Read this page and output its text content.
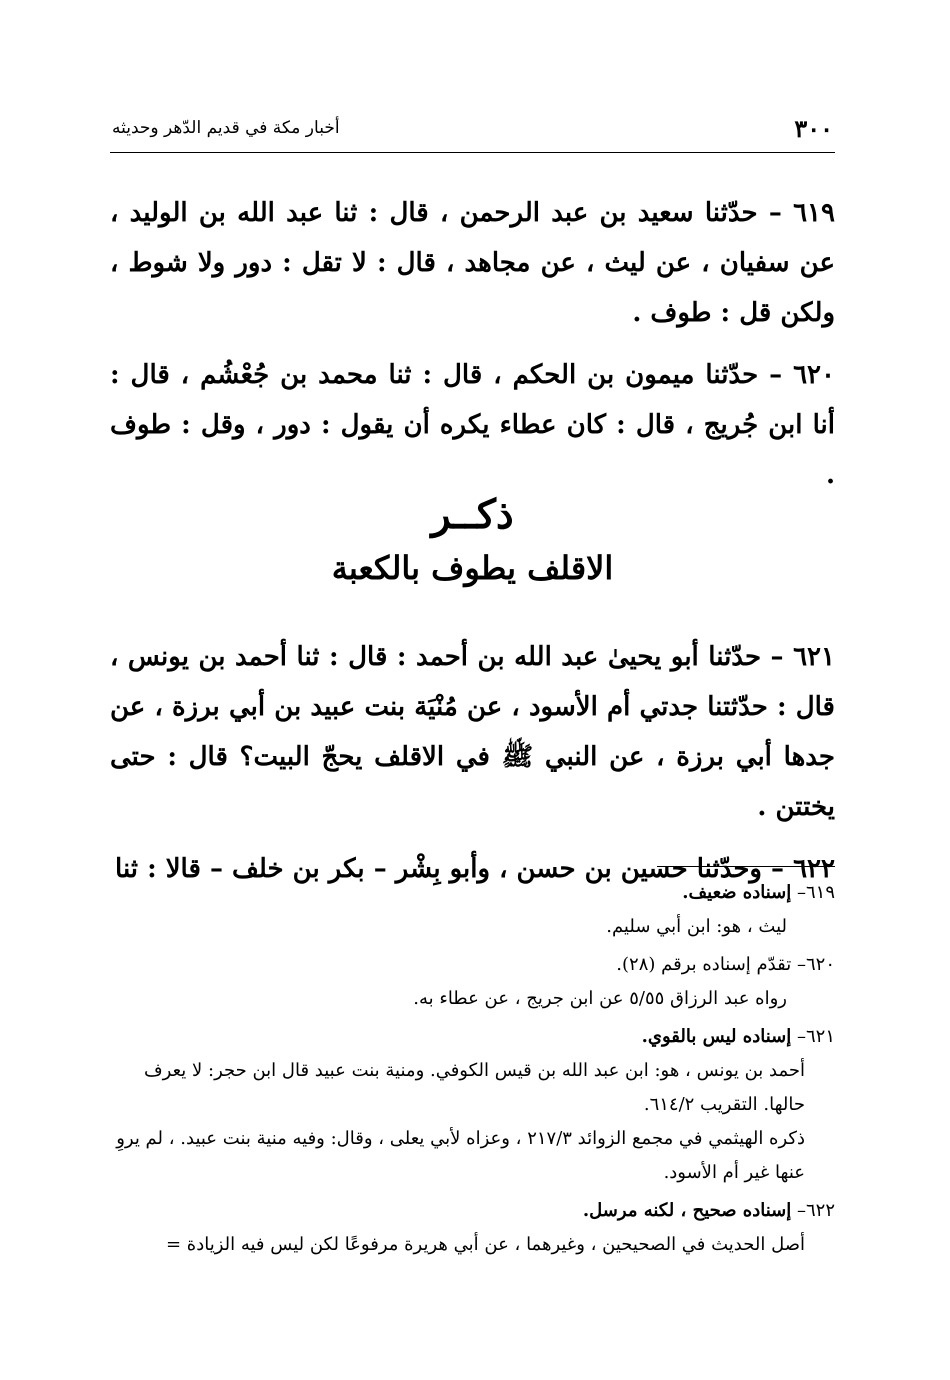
٣٠٠
أخبار مكة في قديم الدّهر وحديثه

٦١٩ – حدّثنا سعيد بن عبد الرحمن ، قال : ثنا عبد الله بن الوليد ، عن سفيان ، عن ليث ، عن مجاهد ، قال : لا تقل : دور ولا شوط ، ولكن قل : طوف .

٦٢٠ – حدّثنا ميمون بن الحكم ، قال : ثنا محمد بن جُعْشُم ، قال : أنا ابن جُريج ، قال : كان عطاء يكره أن يقول : دور ، وقل : طوف .

ذكــر
الاقلف يطوف بالكعبة

٦٢١ – حدّثنا أبو يحيىٰ عبد الله بن أحمد : قال : ثنا أحمد بن يونس ، قال : حدّثتنا جدتي أم الأسود ، عن مُنْيَة بنت عبيد بن أبي برزة ، عن جدها أبي برزة ، عن النبي ﷺ في الاقلف يحجّ البيت؟ قال : حتى يختتن .

٦٢٢ – وحدّثنا حسين بن حسن ، وأبو بِشْر – بكر بن خلف – قالا : ثنا

٦١٩– إسناده ضعيف.
ليث ، هو: ابن أبي سليم.
٦٢٠– تقدّم إسناده برقم (٢٨).
رواه عبد الرزاق ٥/٥٥ عن ابن جريج ، عن عطاء به.
٦٢١– إسناده ليس بالقوي.
أحمد بن يونس ، هو: ابن عبد الله بن قيس الكوفي. ومنية بنت عبيد قال ابن حجر: لا يعرف حالها. التقريب ٦١٤/٢.
ذكره الهيثمي في مجمع الزوائد ٢١٧/٣ ، وعزاه لأبي يعلى ، وقال: وفيه منية بنت عبيد. ، لم يروِ عنها غير أم الأسود.
٦٢٢– إسناده صحيح ، لكنه مرسل.
أصل الحديث في الصحيحين ، وغيرهما ، عن أبي هريرة مرفوعًا لكن ليس فيه الزيادة =
